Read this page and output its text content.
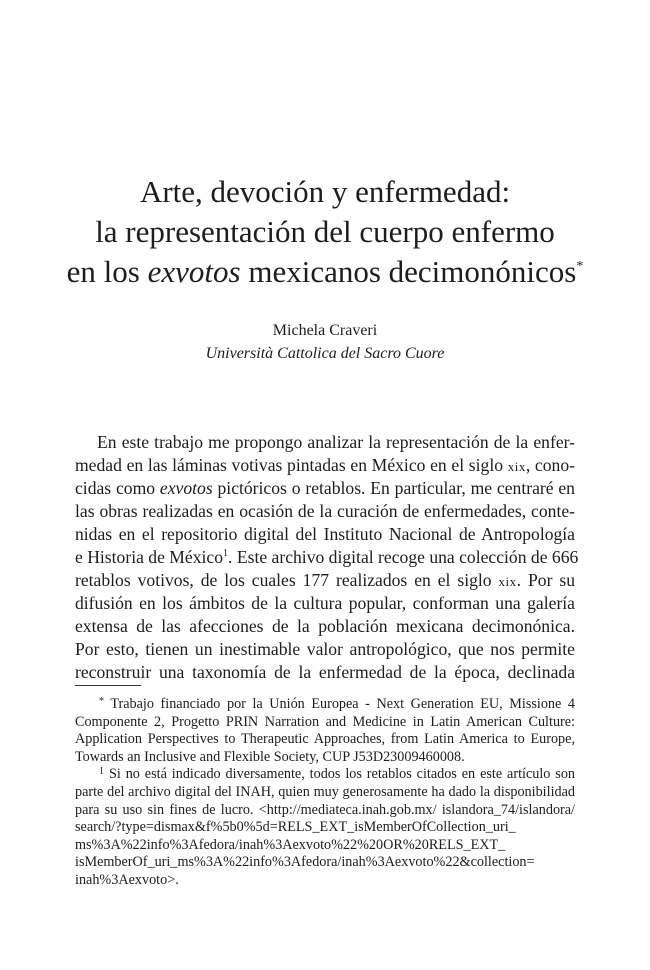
Arte, devoción y enfermedad:
la representación del cuerpo enfermo
en los exvotos mexicanos decimonónicos*
Michela Craveri
Università Cattolica del Sacro Cuore
En este trabajo me propongo analizar la representación de la enfer-
medad en las láminas votivas pintadas en México en el siglo xix, cono-
cidas como exvotos pictóricos o retablos. En particular, me centraré en
las obras realizadas en ocasión de la curación de enfermedades, conte-
nidas en el repositorio digital del Instituto Nacional de Antropología
e Historia de México$^1$. Este archivo digital recoge una colección de 666
retablos votivos, de los cuales 177 realizados en el siglo xix. Por su
difusión en los ámbitos de la cultura popular, conforman una galería
extensa de las afecciones de la población mexicana decimonónica.
Por esto, tienen un inestimable valor antropológico, que nos permite
reconstruir una taxonomía de la enfermedad de la época, declinada
* Trabajo financiado por la Unión Europea - Next Generation EU, Missione 4
Componente 2, Progetto PRIN Narration and Medicine in Latin American Culture:
Application Perspectives to Therapeutic Approaches, from Latin America to Europe,
Towards an Inclusive and Flexible Society, CUP J53D23009460008.
$^1$ Si no está indicado diversamente, todos los retablos citados en este artículo son
parte del archivo digital del INAH, quien muy generosamente ha dado la disponibilidad
para su uso sin fines de lucro. <http://mediateca.inah.gob.mx/ islandora_74/islandora/
search/?type=dismax&f%5b0%5d=RELS_EXT_isMemberOfCollection_uri_
ms%3A%22info%3Afedora/inah%3Aexvoto%22%20OR%20RELS_EXT_
isMemberOf_uri_ms%3A%22info%3Afedora/inah%3Aexvoto%22&collection=
inah%3Aexvoto>.
